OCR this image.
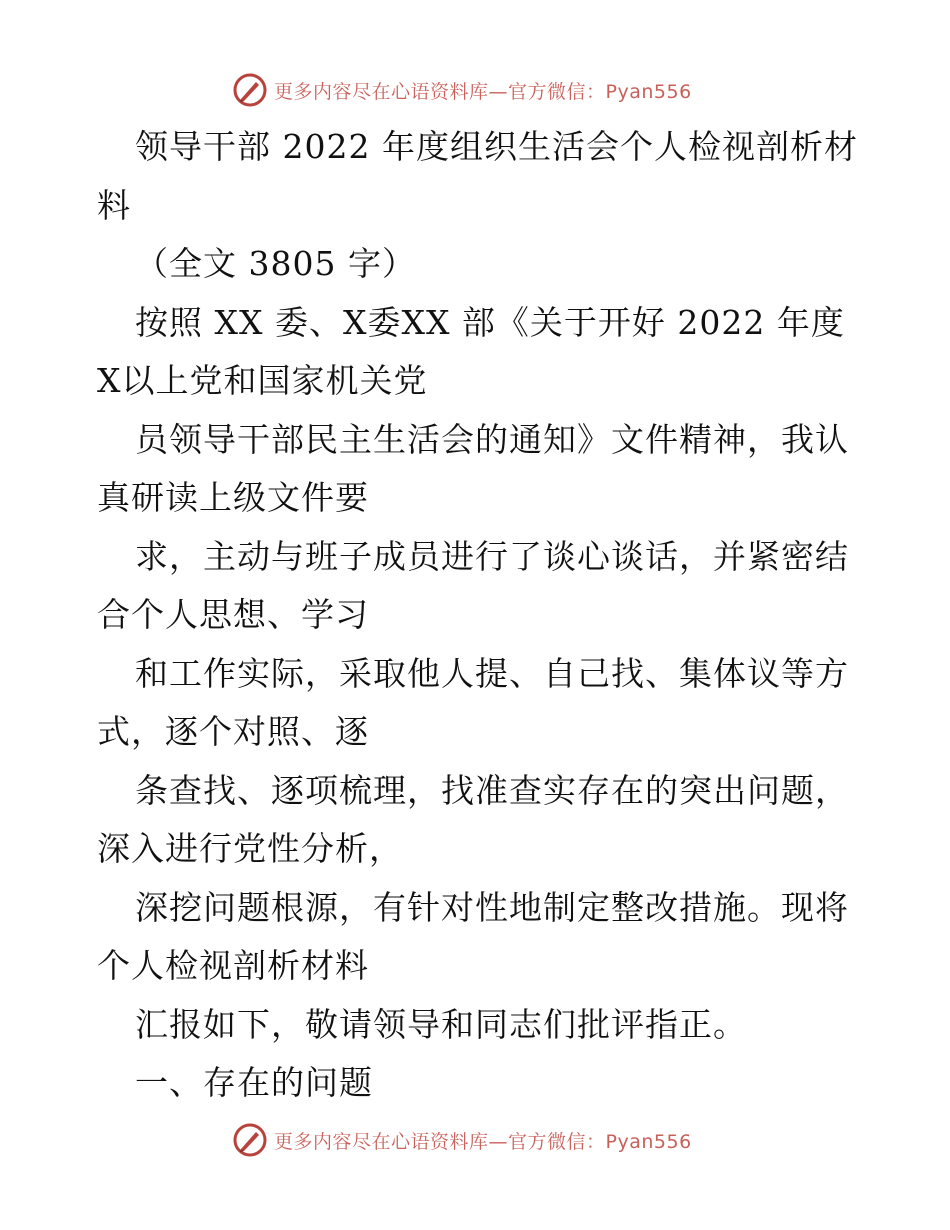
更多内容尽在心语资料库—官方微信：Pyan556
领导干部 2022 年度组织生活会个人检视剖析材
料
（全文 3805 字）
按照 XX 委、X委XX 部《关于开好 2022 年度
X以上党和国家机关党
员领导干部民主生活会的通知》文件精神，我认
真研读上级文件要
求，主动与班子成员进行了谈心谈话，并紧密结
合个人思想、学习
和工作实际，采取他人提、自己找、集体议等方
式，逐个对照、逐
条查找、逐项梳理，找准查实存在的突出问题，
深入进行党性分析，
深挖问题根源，有针对性地制定整改措施。现将
个人检视剖析材料
汇报如下，敬请领导和同志们批评指正。
一、存在的问题
更多内容尽在心语资料库—官方微信：Pyan556
